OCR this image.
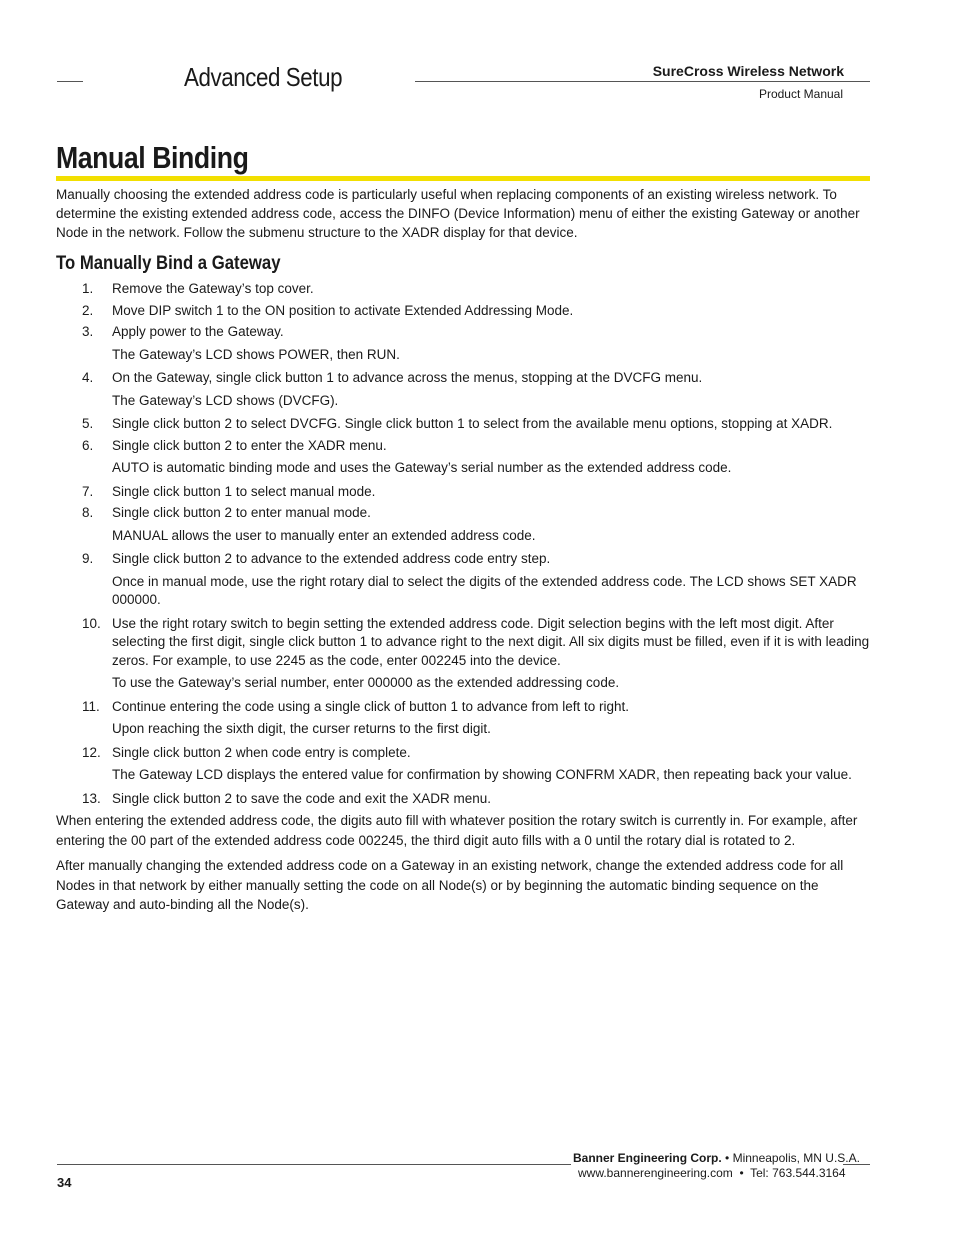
Advanced Setup	SureCross Wireless Network
Product Manual
Manual Binding

Manually choosing the extended address code is particularly useful when replacing components of an existing wireless network. To determine the existing extended address code, access the DINFO (Device Information) menu of either the existing Gateway or another Node in the network. Follow the submenu structure to the XADR display for that device.

To Manually Bind a Gateway
1.	Remove the Gateway’s top cover.
2.	Move DIP switch 1 to the ON position to activate Extended Addressing Mode.
3.	Apply power to the Gateway.
The Gateway’s LCD shows POWER, then RUN.
4.	On the Gateway, single click button 1 to advance across the menus, stopping at the DVCFG menu.
The Gateway’s LCD shows (DVCFG).
5.	Single click button 2 to select DVCFG. Single click button 1 to select from the available menu options, stopping at XADR.
6.	Single click button 2 to enter the XADR menu.
AUTO is automatic binding mode and uses the Gateway’s serial number as the extended address code.
7.	Single click button 1 to select manual mode.
8.	Single click button 2 to enter manual mode.
MANUAL allows the user to manually enter an extended address code.
9.	Single click button 2 to advance to the extended address code entry step.
Once in manual mode, use the right rotary dial to select the digits of the extended address code. The LCD shows SET XADR 000000.
10. Use the right rotary switch to begin setting the extended address code. Digit selection begins with the left most digit. After selecting the first digit, single click button 1 to advance right to the next digit. All six digits must be filled, even if it is with leading zeros. For example, to use 2245 as the code, enter 002245 into the device.
To use the Gateway’s serial number, enter 000000 as the extended addressing code.
11. Continue entering the code using a single click of button 1 to advance from left to right.
Upon reaching the sixth digit, the curser returns to the first digit.
12. Single click button 2 when code entry is complete.
The Gateway LCD displays the entered value for confirmation by showing CONFRM XADR, then repeating back your value.
13. Single click button 2 to save the code and exit the XADR menu.

When entering the extended address code, the digits auto fill with whatever position the rotary switch is currently in. For example, after entering the 00 part of the extended address code 002245, the third digit auto fills with a 0 until the rotary dial is rotated to 2.

After manually changing the extended address code on a Gateway in an existing network, change the extended address code for all Nodes in that network by either manually setting the code on all Node(s) or by beginning the automatic binding sequence on the Gateway and auto-binding all the Node(s).

Banner Engineering Corp. • Minneapolis, MN U.S.A.
www.bannerengineering.com • Tel: 763.544.3164
34
